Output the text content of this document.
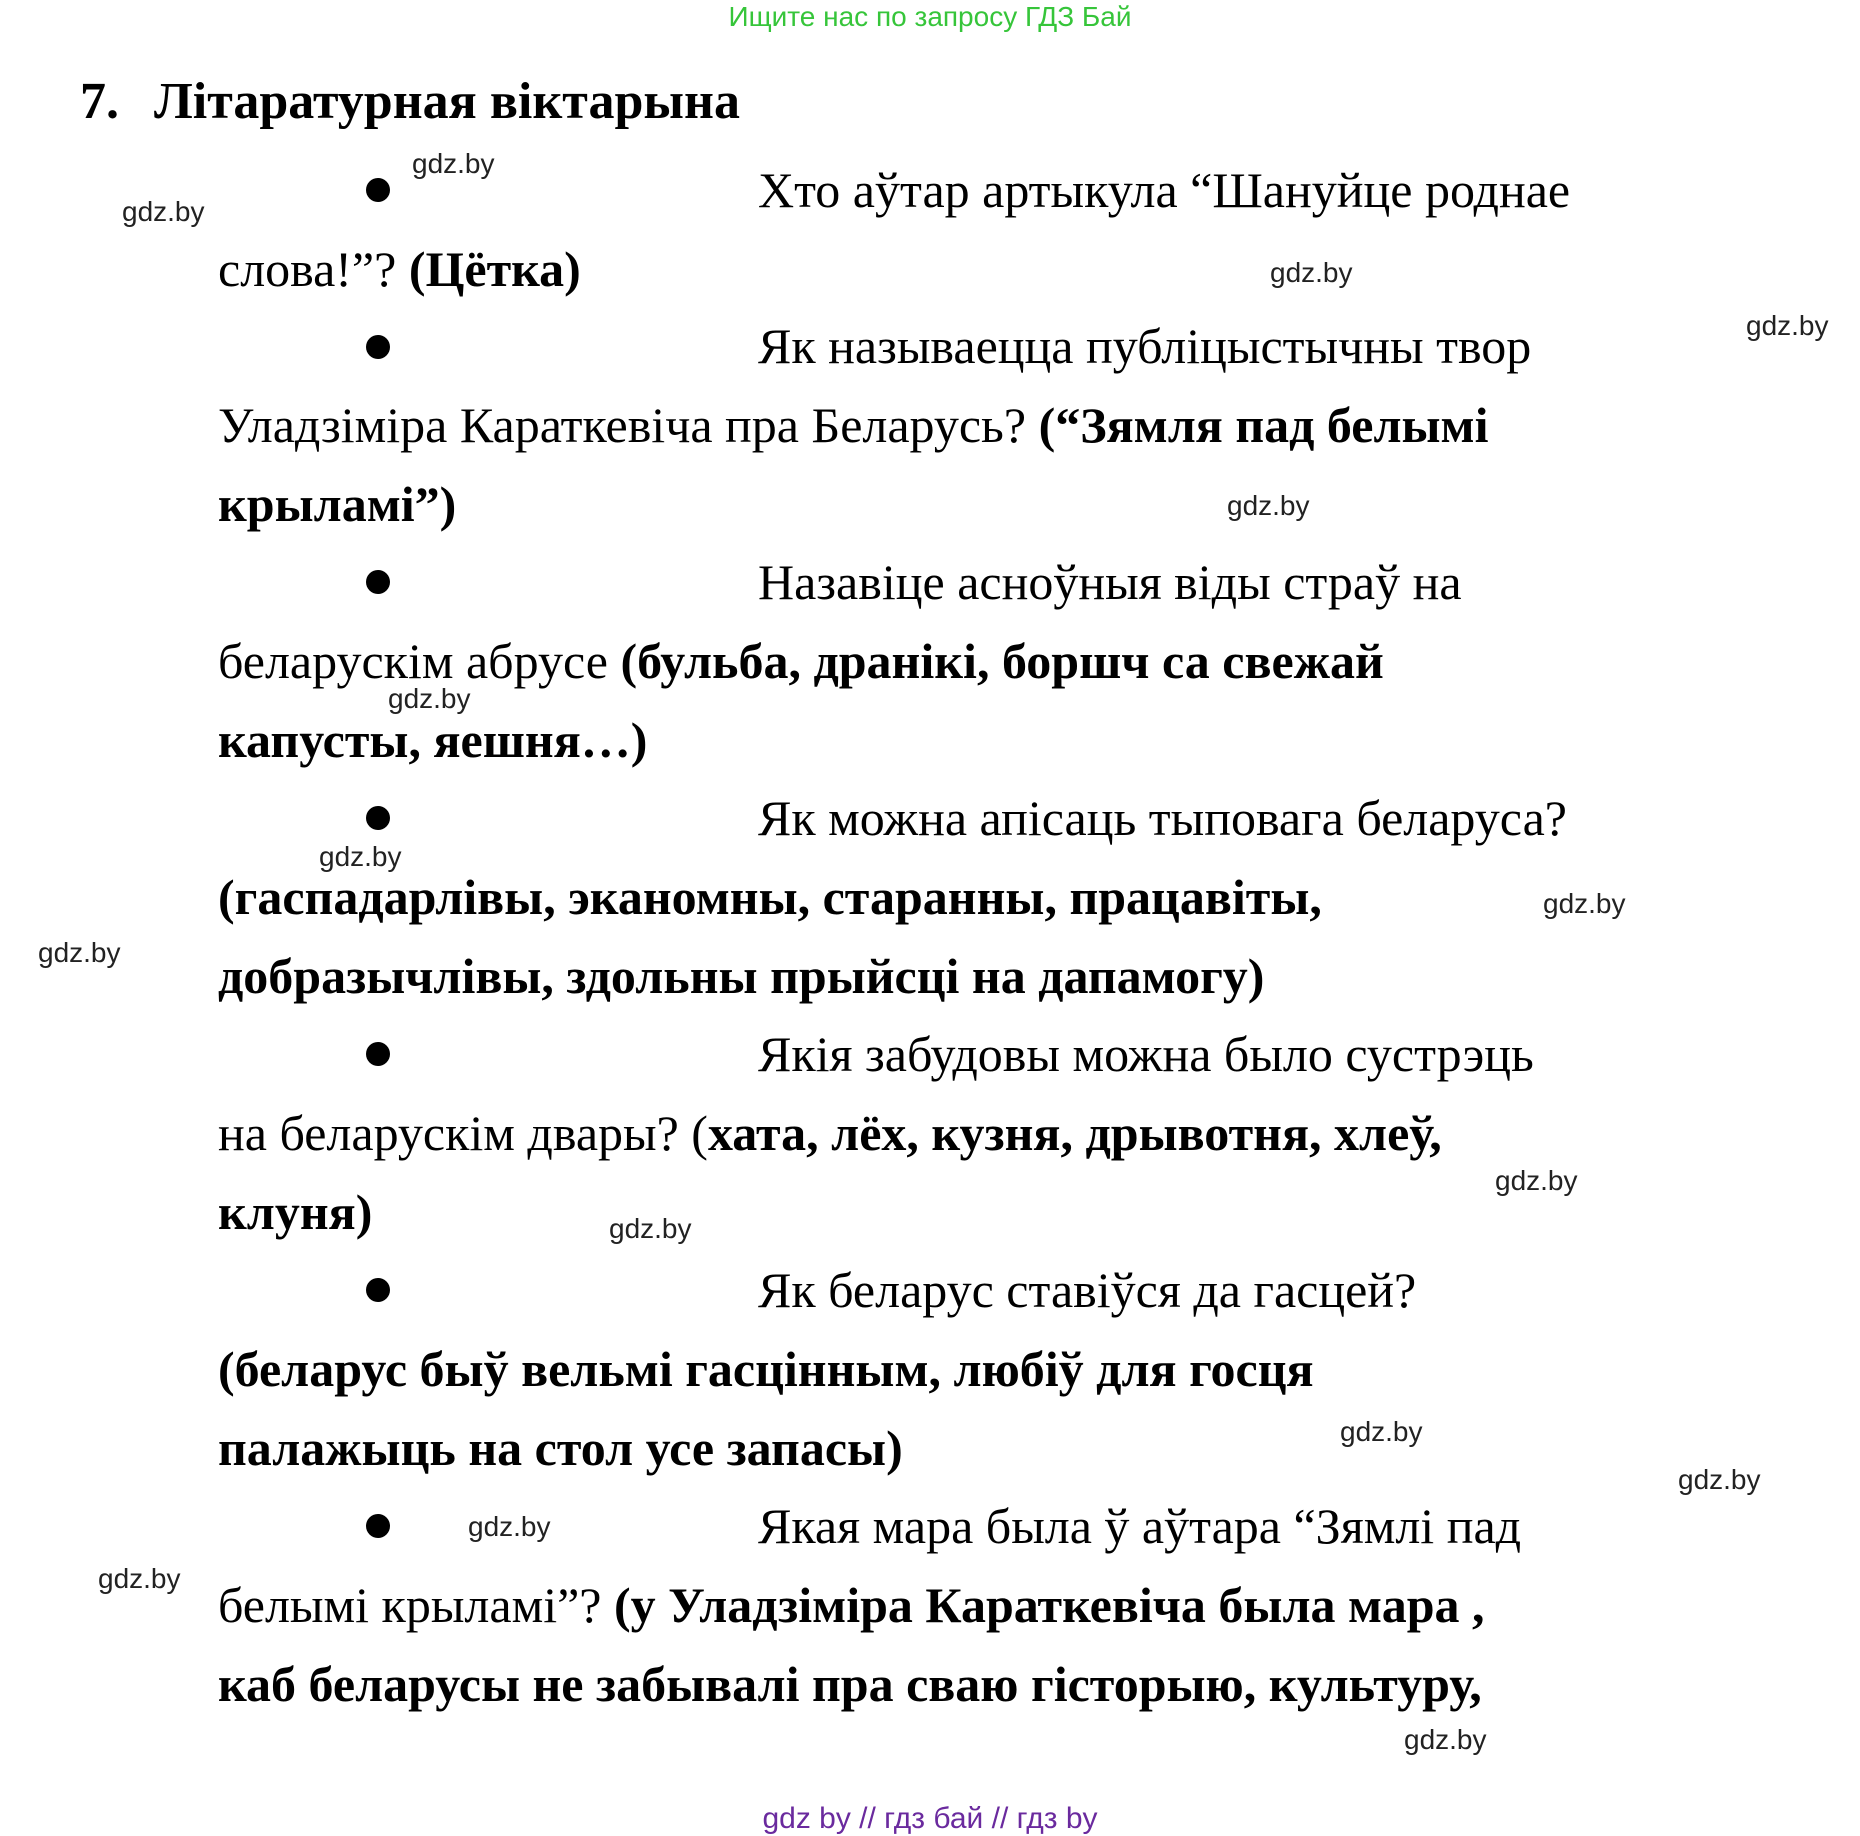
Ищите нас по запросу ГДЗ Бай
7. Літаратурная віктарына
Хто аўтар артыкула “Шануйце роднае
слова!”? (Цётка)
Як называецца публіцыстычны твор
Уладзіміра Караткевіча пра Беларусь? (“Зямля пад белымі
крыламі”)
Назавіце асноўныя віды страў на
беларускім абрусе (бульба, дранікі, боршч са свежай
капусты, яешня…)
Як можна апісаць тыповага беларуса?
(гаспадарлівы, эканомны, старанны, працавіты,
добразычлівы, здольны прыйсці на дапамогу)
Якія забудовы можна было сустрэць
на беларускім двары? (хата, лёх, кузня, дрывотня, хлеў,
клуня)
Як беларус ставіўся да гасцей?
(беларус быў вельмі гасцінным, любіў для госця
палажыць на стол усе запасы)
Якая мара была ў аўтара “Зямлі пад
белымі крыламі”? (у Уладзіміра Караткевіча была мара ,
каб беларусы не забывалі пра сваю гісторыю, культуру,
gdz.by
gdz.by
gdz.by
gdz.by
gdz.by
gdz.by
gdz.by
gdz.by
gdz.by
gdz.by
gdz.by
gdz.by
gdz.by
gdz.by
gdz.by
gdz.by
gdz by // гдз бай // гдз by
